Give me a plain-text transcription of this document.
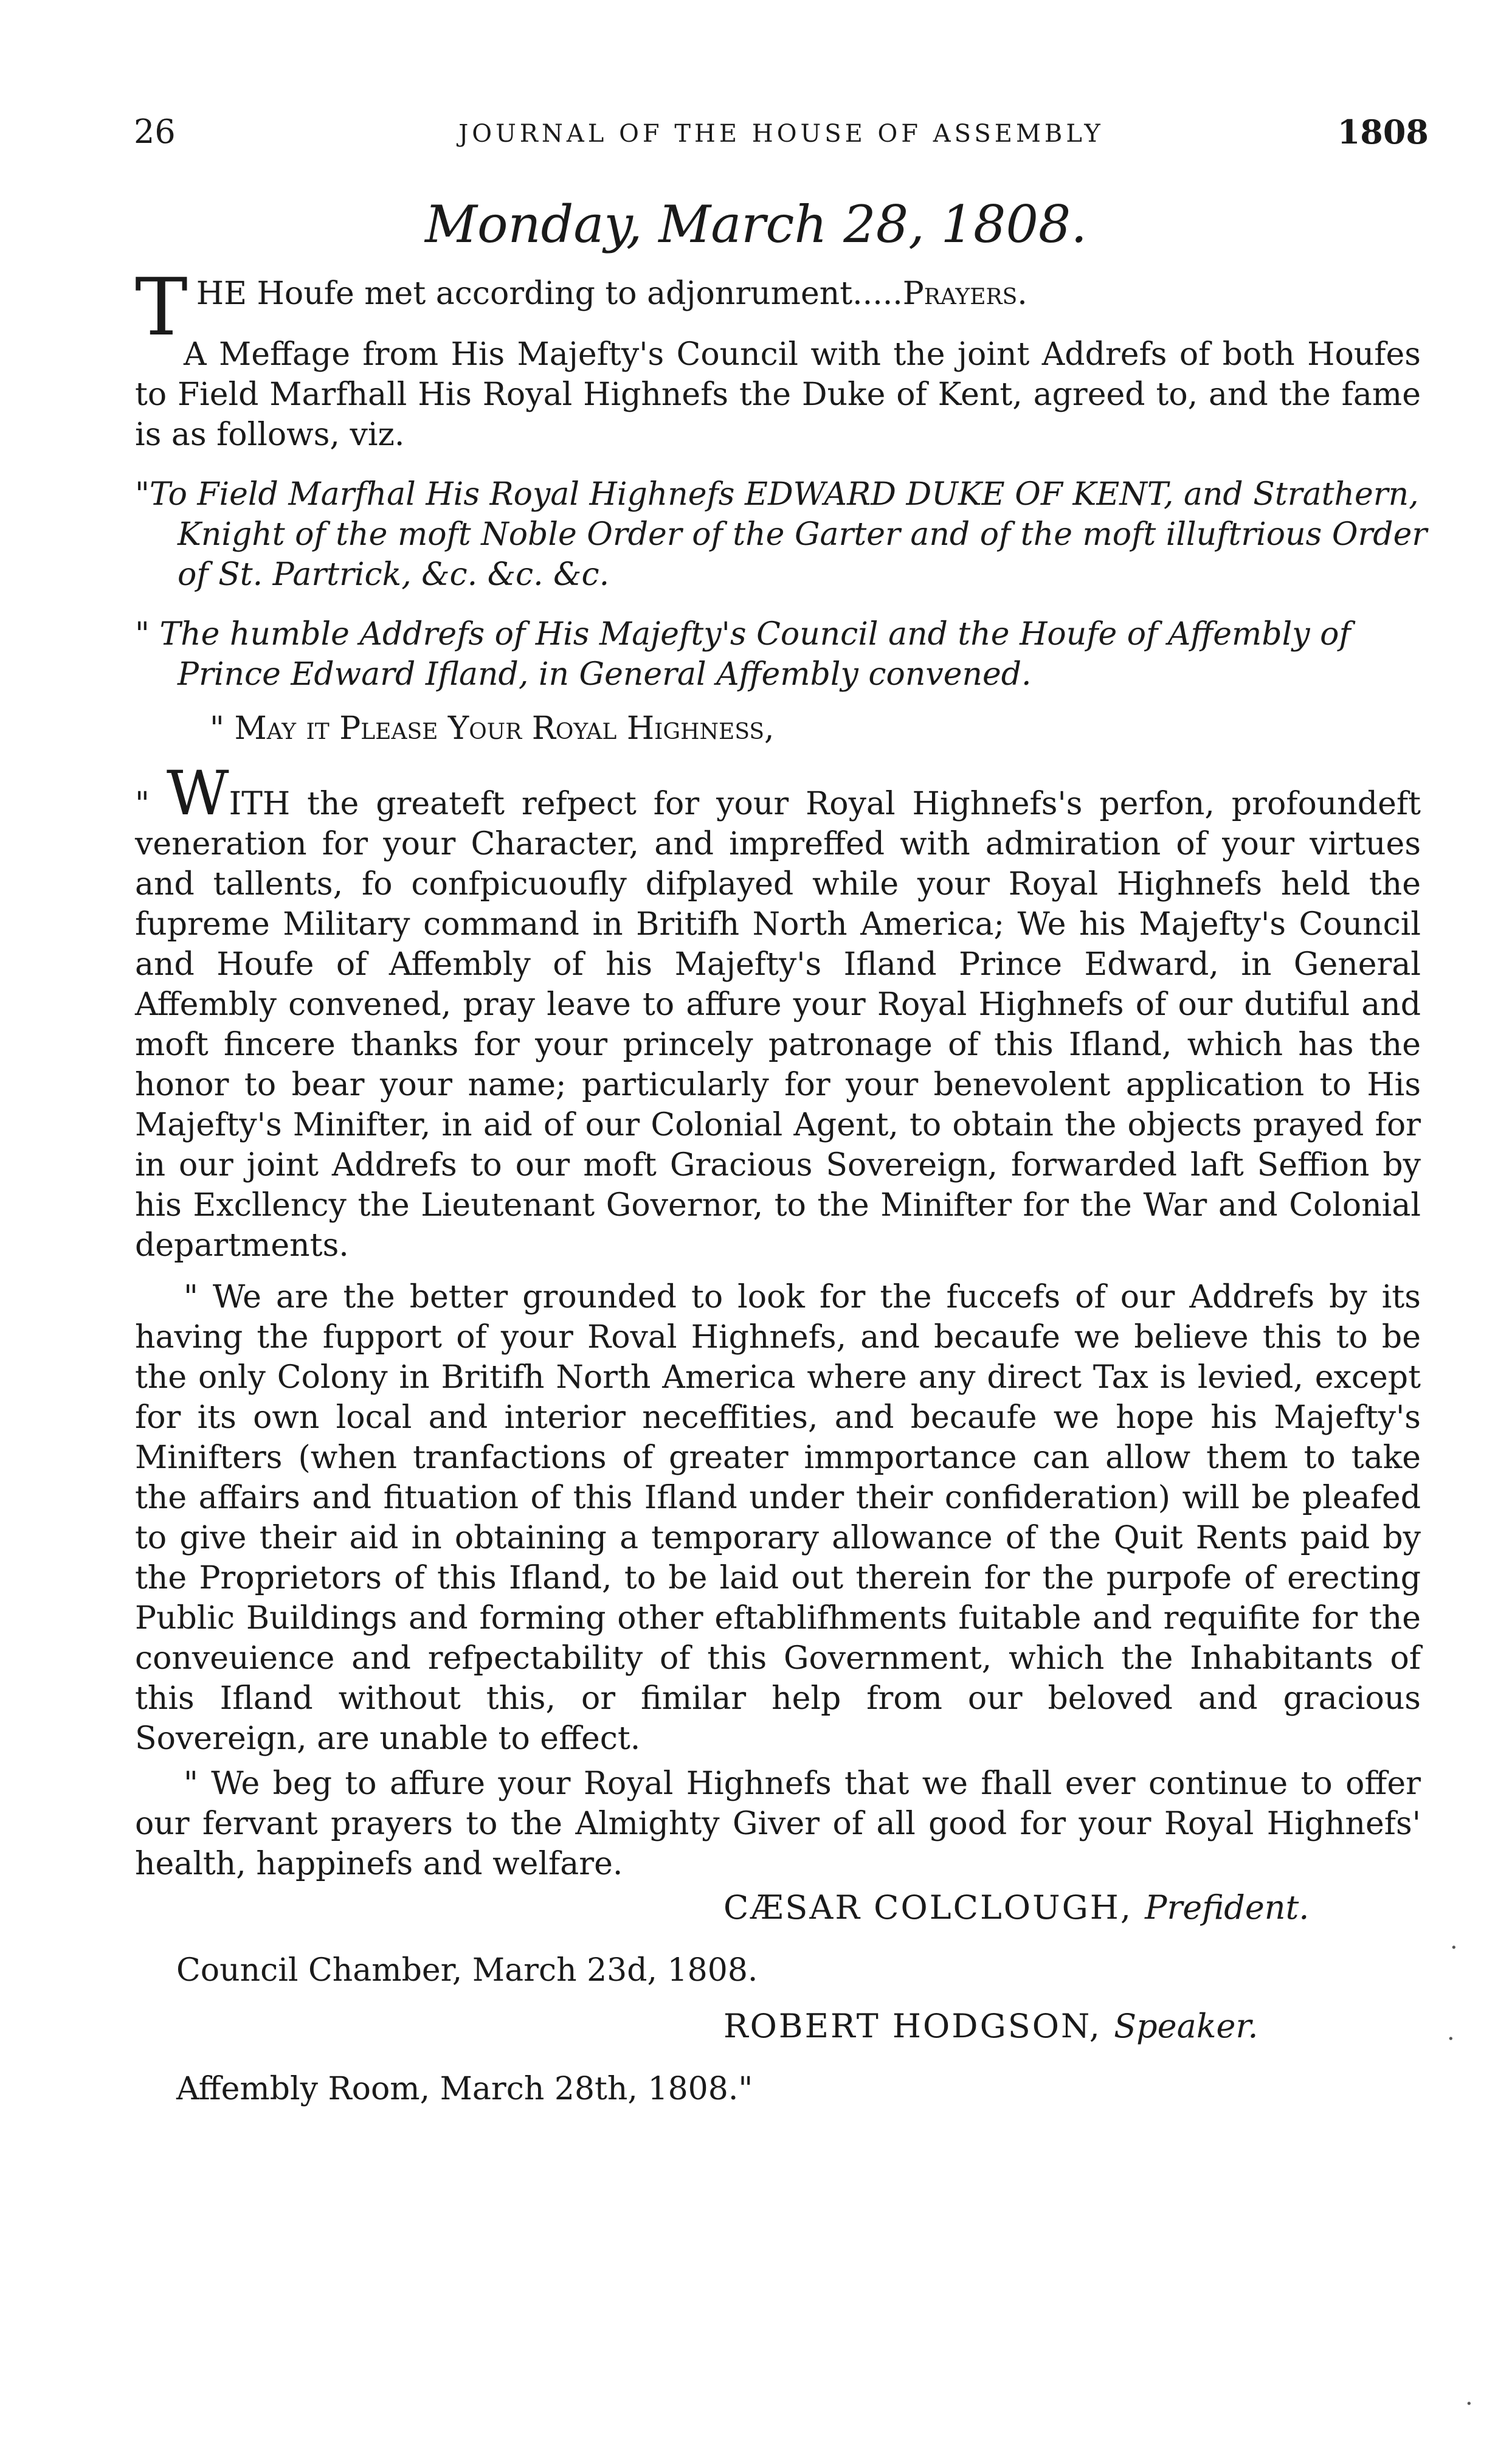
26	JOURNAL OF THE HOUSE OF ASSEMBLY	1808
Monday, March 28, 1808.
THE Houfe met according to adjonrument.....Prayers.
A Meffage from His Majefty's Council with the joint Addrefs of both Houfes to Field Marfhall His Royal Highnefs the Duke of Kent, agreed to, and the fame is as follows, viz.
"To Field Marfhal His Royal Highnefs EDWARD DUKE OF KENT, and Strathern, Knight of the moft Noble Order of the Garter and of the moft illuftrious Order of St. Partrick, &c. &c. &c.
" The humble Addrefs of His Majefty's Council and the Houfe of Affembly of Prince Edward Ifland, in General Affembly convened.
" May it Please Your Royal Highness,
" WITH the greateft refpect for your Royal Highnefs's perfon, profoundeft veneration for your Character, and impreffed with admiration of your virtues and tallents, fo confpicuoufly difplayed while your Royal Highnefs held the fupreme Military command in Britifh North America; We his Majefty's Council and Houfe of Affembly of his Majefty's Ifland Prince Edward, in General Affembly convened, pray leave to affure your Royal Highnefs of our dutiful and moft fincere thanks for your princely patronage of this Ifland, which has the honor to bear your name; particularly for your benevolent application to His Majefty's Minifter, in aid of our Colonial Agent, to obtain the objects prayed for in our joint Addrefs to our moft Gracious Sovereign, forwarded laft Seffion by his Excllency the Lieutenant Governor, to the Minifter for the War and Colonial departments.
" We are the better grounded to look for the fuccefs of our Addrefs by its having the fupport of your Roval Highnefs, and becaufe we believe this to be the only Colony in Britifh North America where any direct Tax is levied, except for its own local and interior neceffities, and becaufe we hope his Majefty's Minifters (when tranfactions of greater immportance can allow them to take the affairs and fituation of this Ifland under their confideration) will be pleafed to give their aid in obtaining a temporary allowance of the Quit Rents paid by the Proprietors of this Ifland, to be laid out therein for the purpofe of erecting Public Buildings and forming other eftablifhments fuitable and requifite for the conveuience and refpectability of this Government, which the Inhabitants of this Ifland without this, or fimilar help from our beloved and gracious Sovereign, are unable to effect.
" We beg to affure your Royal Highnefs that we fhall ever continue to offer our fervant prayers to the Almighty Giver of all good for your Royal Highnefs' health, happinefs and welfare.
CÆSAR COLCLOUGH, Prefident.
Council Chamber, March 23d, 1808.
ROBERT HODGSON, Speaker.
Affembly Room, March 28th, 1808."
·
·
·
